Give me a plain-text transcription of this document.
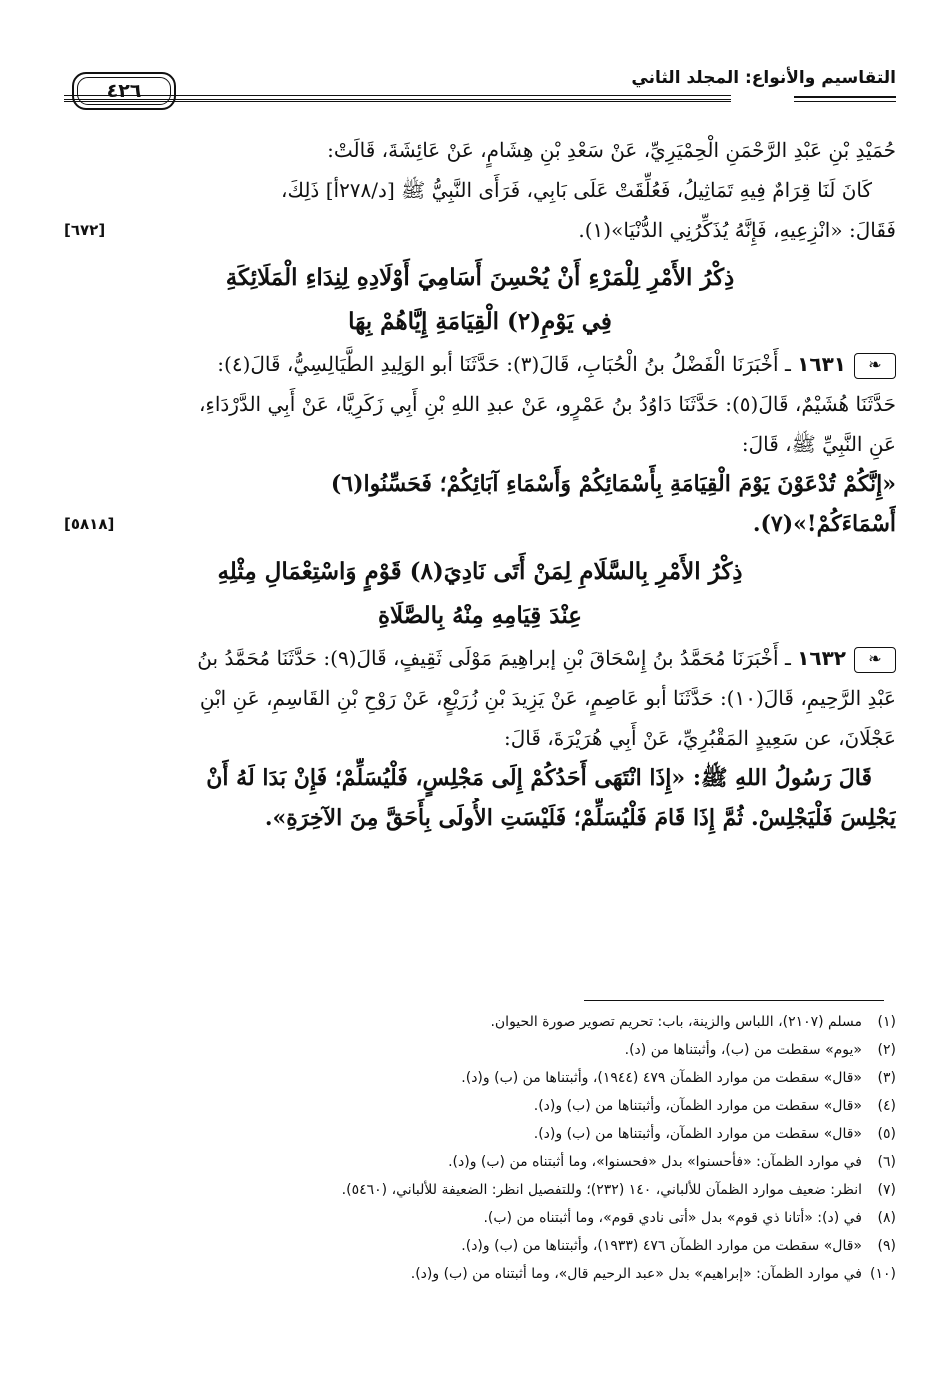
التقاسيم والأنواع: المجلد الثاني
٤٢٦

حُمَيْدِ بْنِ عَبْدِ الرَّحْمَنِ الْحِمْيَرِيِّ، عَنْ سَعْدِ بْنِ هِشَامٍ، عَنْ عَائِشَةَ، قَالَتْ:

كَانَ لَنَا قِرَامٌ فِيهِ تَمَاثِيلُ، فَعُلِّقَتْ عَلَى بَابِي، فَرَأَى النَّبِيُّ ﷺ [د/٢٧٨أ] ذَلِكَ،

فَقَالَ: «انْزِعِيهِ، فَإِنَّهُ يُذَكِّرُنِي الدُّنْيَا»(١).
[٦٧٢]

ذِكْرُ الأَمْرِ لِلْمَرْءِ أَنْ يُحْسِنَ أَسَامِيَ أَوْلَادِهِ لِنِدَاءِ الْمَلَائِكَةِ

فِي يَوْمِ(٢) الْقِيَامَةِ إِيَّاهُمْ بِهَا

❧١٦٣١ ـ أَخْبَرَنَا الْفَضْلُ بنُ الْحُبَابِ، قَالَ(٣): حَدَّثَنَا أبو الوَلِيدِ الطَّيَالِسِيُّ، قَالَ(٤):

حَدَّثَنَا هُشَيْمٌ، قَالَ(٥): حَدَّثَنَا دَاوُدُ بنُ عَمْرٍو، عَنْ عبدِ اللهِ بْنِ أَبِي زَكَرِيَّا، عَنْ أَبِي الدَّرْدَاءِ،

عَنِ النَّبِيِّ ﷺ، قَالَ:

«إِنَّكُمْ تُدْعَوْنَ يَوْمَ الْقِيَامَةِ بِأَسْمَائِكُمْ وَأَسْمَاءِ آبَائِكُمْ؛ فَحَسِّنُوا(٦)

أَسْمَاءَكُمْ!»(٧).
[٥٨١٨]

ذِكْرُ الأَمْرِ بِالسَّلَامِ لِمَنْ أَتَى نَادِيَ(٨) قَوْمٍ وَاسْتِعْمَالِ مِثْلِهِ

عِنْدَ قِيَامِهِ مِنْهُ بِالصَّلَاةِ

❧١٦٣٢ ـ أَخْبَرَنَا مُحَمَّدُ بنُ إِسْحَاقَ بْنِ إبراهِيمَ مَوْلَى ثَقِيفٍ، قَالَ(٩): حَدَّثَنَا مُحَمَّدُ بنُ

عَبْدِ الرَّحِيمِ، قَالَ(١٠): حَدَّثَنَا أبو عَاصِمٍ، عَنْ يَزِيدَ بْنِ زُرَيْعٍ، عَنْ رَوْحِ بْنِ القَاسِمِ، عَنِ ابْنِ

عَجْلَانَ، عن سَعِيدٍ المَقْبُرِيِّ، عَنْ أَبِي هُرَيْرَةَ، قَالَ:

قَالَ رَسُولُ اللهِ ﷺ: «إِذَا انْتَهَى أَحَدُكُمْ إِلَى مَجْلِسٍ، فَلْيُسَلِّمْ؛ فَإِنْ بَدَا لَهُ أَنْ

يَجْلِسَ فَلْيَجْلِسْ. ثُمَّ إِذَا قَامَ فَلْيُسَلِّمْ؛ فَلَيْسَتِ الأُولَى بِأَحَقَّ مِنَ الآخِرَةِ».

(١)مسلم (٢١٠٧)، اللباس والزينة، باب: تحريم تصوير صورة الحيوان.

(٢)«يوم» سقطت من (ب)، وأثبتناها من (د).

(٣)«قال» سقطت من موارد الظمآن ٤٧٩ (١٩٤٤)، وأثبتناها من (ب) و(د).

(٤)«قال» سقطت من موارد الظمآن، وأثبتناها من (ب) و(د).

(٥)«قال» سقطت من موارد الظمآن، وأثبتناها من (ب) و(د).

(٦)في موارد الظمآن: «فأحسنوا» بدل «فحسنوا»، وما أثبتناه من (ب) و(د).

(٧)انظر: ضعيف موارد الظمآن للألباني، ١٤٠ (٢٣٢)؛ وللتفصيل انظر: الضعيفة للألباني، (٥٤٦٠).

(٨)في (د): «أتانا ذي قوم» بدل «أتى نادي قوم»، وما أثبتناه من (ب).

(٩)«قال» سقطت من موارد الظمآن ٤٧٦ (١٩٣٣)، وأثبتناها من (ب) و(د).

(١٠)في موارد الظمآن: «إبراهيم» بدل «عبد الرحيم قال»، وما أثبتناه من (ب) و(د).
